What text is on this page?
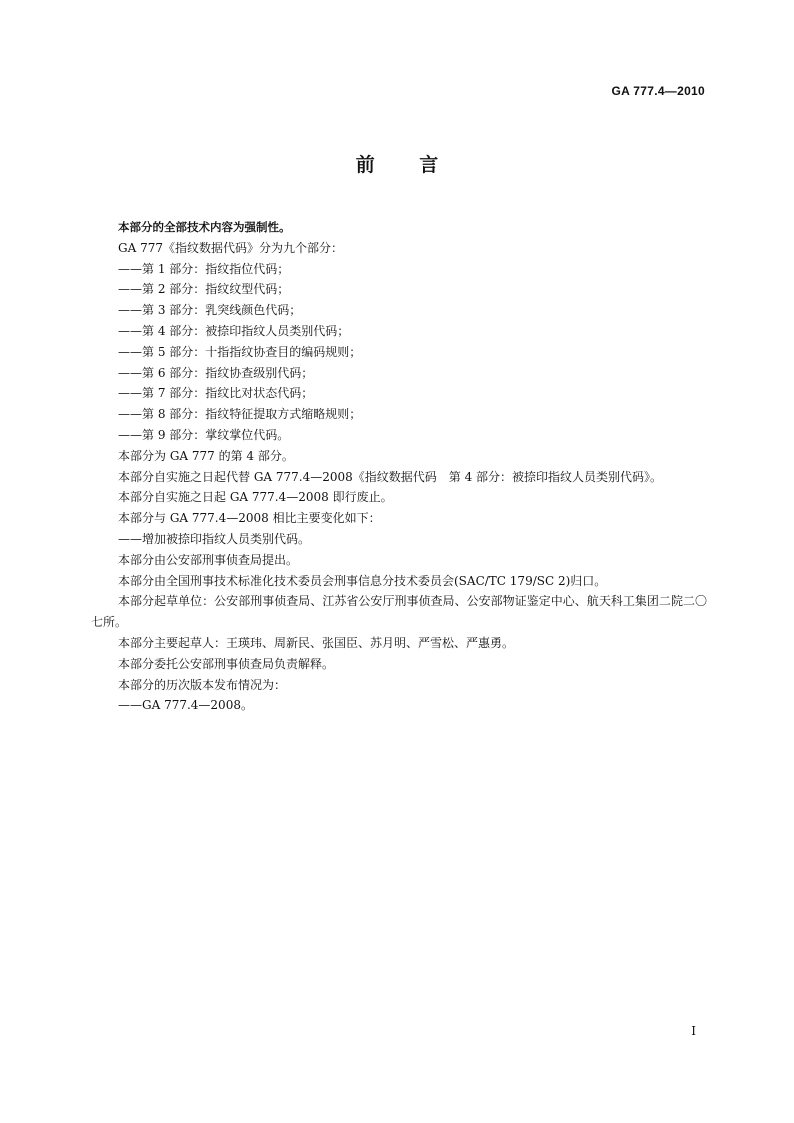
GA 777.4—2010
前 言

本部分的全部技术内容为强制性。

GA 777《指纹数据代码》分为九个部分：

——第 1 部分：指纹指位代码；

——第 2 部分：指纹纹型代码；

——第 3 部分：乳突线颜色代码；

——第 4 部分：被捺印指纹人员类别代码；

——第 5 部分：十指指纹协查目的编码规则；

——第 6 部分：指纹协查级别代码；

——第 7 部分：指纹比对状态代码；

——第 8 部分：指纹特征提取方式缩略规则；

——第 9 部分：掌纹掌位代码。

本部分为 GA 777 的第 4 部分。

本部分自实施之日起代替 GA 777.4—2008《指纹数据代码　第 4 部分：被捺印指纹人员类别代码》。

本部分自实施之日起 GA 777.4—2008 即行废止。

本部分与 GA 777.4—2008 相比主要变化如下：

——增加被捺印指纹人员类别代码。

本部分由公安部刑事侦查局提出。

本部分由全国刑事技术标准化技术委员会刑事信息分技术委员会(SAC/TC 179/SC 2)归口。

本部分起草单位：公安部刑事侦查局、江苏省公安厅刑事侦查局、公安部物证鉴定中心、航天科工集团二院二〇七所。

本部分主要起草人：王瑛玮、周新民、张国臣、苏月明、严雪松、严惠勇。

本部分委托公安部刑事侦查局负责解释。

本部分的历次版本发布情况为：

——GA 777.4—2008。

I
